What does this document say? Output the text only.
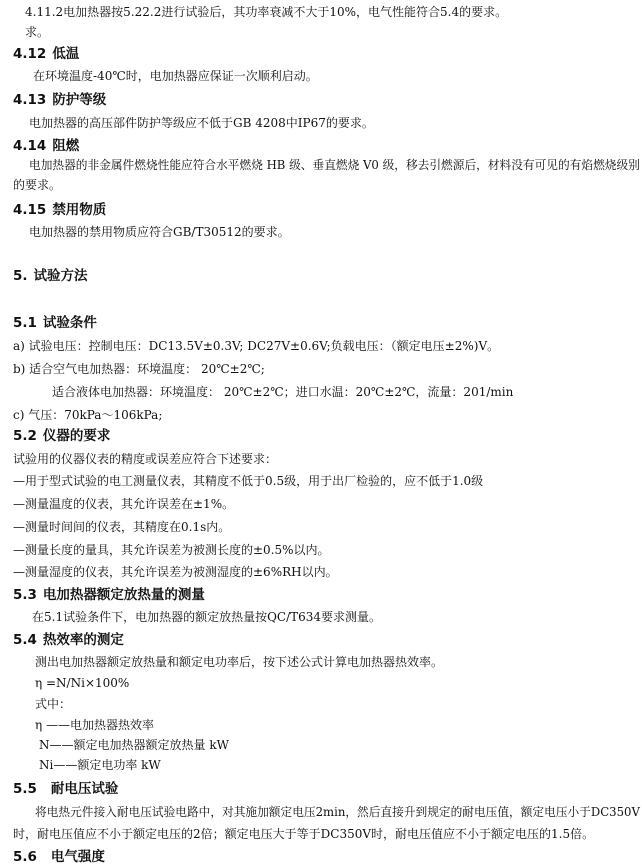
4.11.2电加热器按5.22.2进行试验后，其功率衰减不大于10%，电气性能符合5.4的要求。
求。
4.12 低温
在环境温度-40℃时，电加热器应保证一次顺利启动。
4.13 防护等级
电加热器的高压部件防护等级应不低于GB 4208中IP67的要求。
4.14 阻燃
电加热器的非金属件燃烧性能应符合水平燃烧 HB 级、垂直燃烧 V0 级，移去引燃源后，材料没有可见的有焰燃烧级别
的要求。
4.15 禁用物质
电加热器的禁用物质应符合GB/T30512的要求。
5. 试验方法
5.1 试验条件
a) 试验电压：控制电压：DC13.5V±0.3V; DC27V±0.6V;负载电压：（额定电压±2%)V。
b) 适合空气电加热器：环境温度： 20℃±2℃;
适合液体电加热器：环境温度： 20℃±2℃；进口水温：20℃±2℃，流量：201/min
c) 气压：70kPa～106kPa;
5.2 仪器的要求
试验用的仪器仪表的精度或误差应符合下述要求：
—用于型式试验的电工测量仪表，其精度不低于0.5级，用于出厂检验的，应不低于1.0级
—测量温度的仪表，其允许误差在±1%。
—测量时间间的仪表，其精度在0.1s内。
—测量长度的量具，其允许误差为被测长度的±0.5%以内。
—测量湿度的仪表，其允许误差为被测湿度的±6%RH以内。
5.3 电加热器额定放热量的测量
在5.1试验条件下，电加热器的额定放热量按QC/T634要求测量。
5.4 热效率的测定
测出电加热器额定放热量和额定电功率后，按下述公式计算电加热器热效率。
η =N/Ni×100%
式中：
η ——电加热器热效率
N——额定电加热器额定放热量 kW
Ni——额定电功率 kW
5.5 耐电压试验
将电热元件接入耐电压试验电路中，对其施加额定电压2min，然后直接升到规定的耐电压值，额定电压小于DC350V
时，耐电压值应不小于额定电压的2倍；额定电压大于等于DC350V时，耐电压值应不小于额定电压的1.5倍。
5.6 电气强度
